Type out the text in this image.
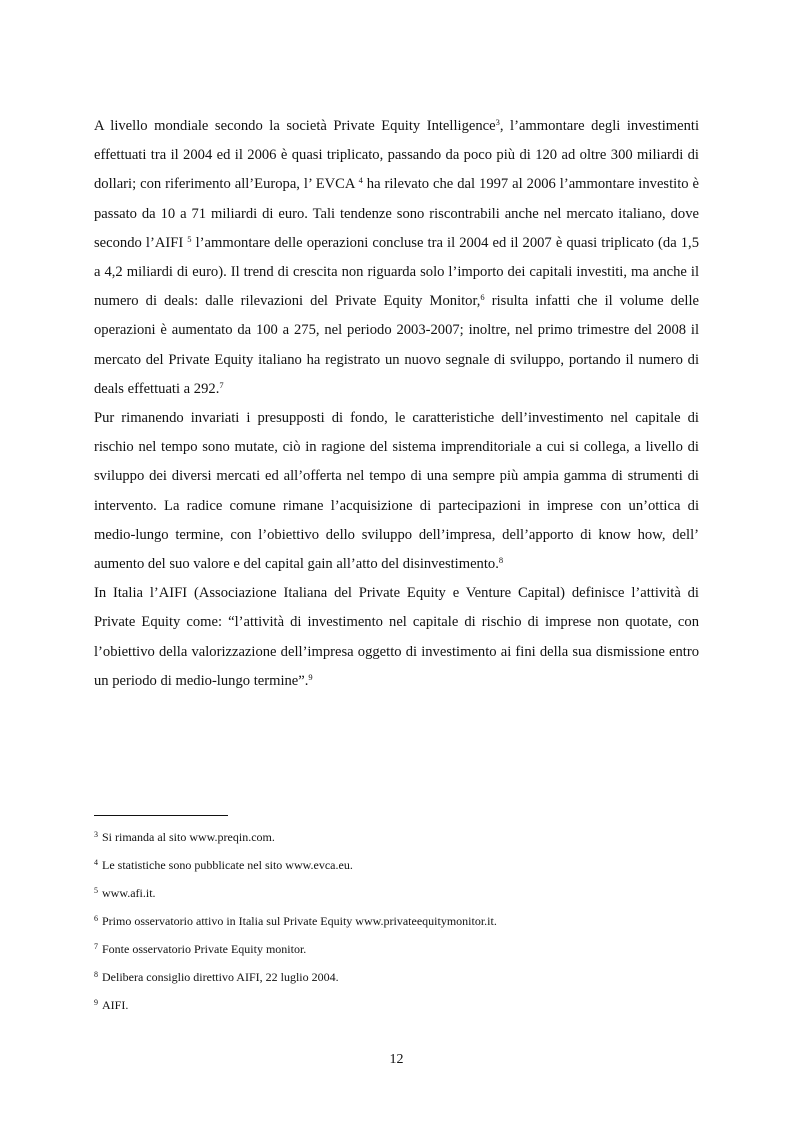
A livello mondiale secondo la società Private Equity Intelligence$^3$, l’ammontare degli investimenti effettuati tra il 2004 ed il 2006 è quasi triplicato, passando da poco più di 120 ad oltre 300 miliardi di dollari; con riferimento all’Europa, l’ EVCA $^4$ ha rilevato che dal 1997 al 2006 l’ammontare investito è passato da 10 a 71 miliardi di euro. Tali tendenze sono riscontrabili anche nel mercato italiano, dove secondo l’AIFI $^5$ l’ammontare delle operazioni concluse tra il 2004 ed il 2007 è quasi triplicato (da 1,5 a 4,2 miliardi di euro). Il trend di crescita non riguarda solo l’importo dei capitali investiti, ma anche il numero di deals: dalle rilevazioni del Private Equity Monitor,$^6$ risulta infatti che il volume delle operazioni è aumentato da 100 a 275, nel periodo 2003-2007; inoltre, nel primo trimestre del 2008 il mercato del Private Equity italiano ha registrato un nuovo segnale di sviluppo, portando il numero di deals effettuati a 292.$^7$

Pur rimanendo invariati i presupposti di fondo, le caratteristiche dell’investimento nel capitale di rischio nel tempo sono mutate, ciò in ragione del sistema imprenditoriale a cui si collega, a livello di sviluppo dei diversi mercati ed all’offerta nel tempo di una sempre più ampia gamma di strumenti di intervento. La radice comune rimane l’acquisizione di partecipazioni in imprese con un’ottica di medio-lungo termine, con l’obiettivo dello sviluppo dell’impresa, dell’apporto di know how, dell’ aumento del suo valore e del capital gain all’atto del disinvestimento.$^8$

In Italia l’AIFI (Associazione Italiana del Private Equity e Venture Capital) definisce l’attività di Private Equity come: “l’attività di investimento nel capitale di rischio di imprese non quotate, con l’obiettivo della valorizzazione dell’impresa oggetto di investimento ai fini della sua dismissione entro un periodo di medio-lungo termine”.$^9$

$^3$ Si rimanda al sito www.preqin.com.

$^4$ Le statistiche sono pubblicate nel sito www.evca.eu.

$^5$ www.afi.it.

$^6$ Primo osservatorio attivo in Italia sul Private Equity www.privateequitymonitor.it.

$^7$ Fonte osservatorio Private Equity monitor.

$^8$ Delibera consiglio direttivo AIFI, 22 luglio 2004.

$^9$ AIFI.

12
